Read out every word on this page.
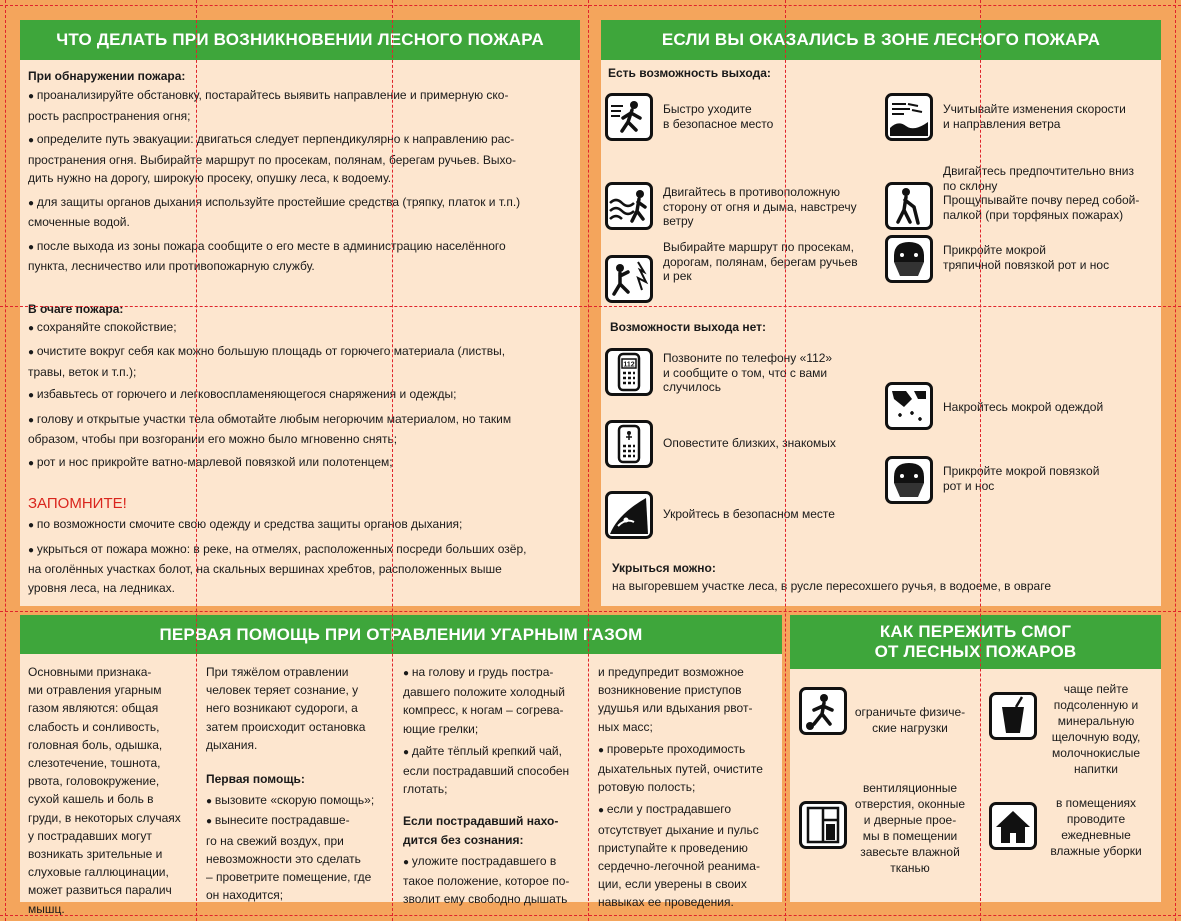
ЧТО ДЕЛАТЬ ПРИ ВОЗНИКНОВЕНИИ ЛЕСНОГО ПОЖАРА
При обнаружении пожара:
● проанализируйте обстановку, постарайтесь выявить направление и примерную ско-
рость распространения огня;
● определите путь эвакуации: двигаться следует перпендикулярно к направлению рас-
пространения огня. Выбирайте маршрут по просекам, полянам, берегам ручьев. Выхо-
дить нужно на дорогу, широкую просеку, опушку леса, к водоему.
● для защиты органов дыхания используйте простейшие средства (тряпку, платок и т.п.)
смоченные водой.
● после выхода из зоны пожара сообщите о его месте в администрацию населённого
пункта, лесничество или противопожарную службу.
В очаге пожара:
● сохраняйте спокойствие;
● очистите вокруг себя как можно большую площадь от горючего материала (листвы,
травы, веток и т.п.);
● избавьтесь от горючего и легковоспламеняющегося снаряжения и одежды;
● голову и открытые участки тела обмотайте любым негорючим материалом, но таким
образом, чтобы при возгорании его можно было мгновенно снять;
● рот и нос прикройте ватно-марлевой повязкой или полотенцем;
ЗАПОМНИТЕ!
● по возможности смочите свою одежду и средства защиты органов дыхания;
● укрыться от пожара можно: в реке, на отмелях, расположенных посреди больших озёр,
на оголённых участках болот, на скальных вершинах хребтов, расположенных выше
уровня леса, на ледниках.
ЕСЛИ ВЫ ОКАЗАЛИСЬ В ЗОНЕ ЛЕСНОГО ПОЖАРА
Есть возможность выхода:
Быстро уходите
в безопасное место
Учитывайте изменения скорости
и направления ветра
Двигайтесь в противоположную
сторону от огня и дыма, навстречу
ветру
Двигайтесь предпочтительно вниз
по склону
Прощупывайте почву перед собой-
палкой (при торфяных пожарах)
Выбирайте маршрут по просекам,
дорогам, полянам, берегам ручьев
и рек
Прикройте мокрой
тряпичной повязкой рот и нос
Возможности выхода нет:
112 Позвоните по телефону «112»
и сообщите о том, что с вами
случилось
Накройтесь мокрой одеждой
Оповестите близких, знакомых
Прикройте мокрой повязкой
рот и нос
Укройтесь в безопасном месте
Укрыться можно:
на выгоревшем участке леса, в русле пересохшего ручья, в водоеме, в овраге
ПЕРВАЯ ПОМОЩЬ ПРИ ОТРАВЛЕНИИ УГАРНЫМ ГАЗОМ
Основными признака-
ми отравления угарным
газом являются: общая
слабость и сонливость,
головная боль, одышка,
слезотечение, тошнота,
рвота, головокружение,
сухой кашель и боль в
груди, в некоторых случаях
у пострадавших могут
возникать зрительные и
слуховые галлюцинации,
может развиться паралич
мышц.
При тяжёлом отравлении
человек теряет сознание, у
него возникают судороги, а
затем происходит остановка
дыхания.
Первая помощь:
● вызовите «скорую помощь»;
● вынесите пострадавше-
го на свежий воздух, при
невозможности это сделать
– проветрите помещение, где
он находится;
● на голову и грудь постра-
давшего положите холодный
компресс, к ногам – согрева-
ющие грелки;
● дайте тёплый крепкий чай,
если пострадавший способен
глотать;
Если пострадавший нахо-
дится без сознания:
● уложите пострадавшего в
такое положение, которое по-
зволит ему свободно дышать
и предупредит возможное
возникновение приступов
удушья или вдыхания рвот-
ных масс;
● проверьте проходимость
дыхательных путей, очистите
ротовую полость;
● если у пострадавшего
отсутствует дыхание и пульс
приступайте к проведению
сердечно-легочной реанима-
ции, если уверены в своих
навыках ее проведения.
КАК ПЕРЕЖИТЬ СМОГ
ОТ ЛЕСНЫХ ПОЖАРОВ
ограничьте физиче-
ские нагрузки
чаще пейте
подсоленную и
минеральную
щелочную воду,
молочнокислые
напитки
вентиляционные
отверстия, оконные
и дверные прое-
мы в помещении
завесьте влажной
тканью
в помещениях
проводите
ежедневные
влажные уборки
